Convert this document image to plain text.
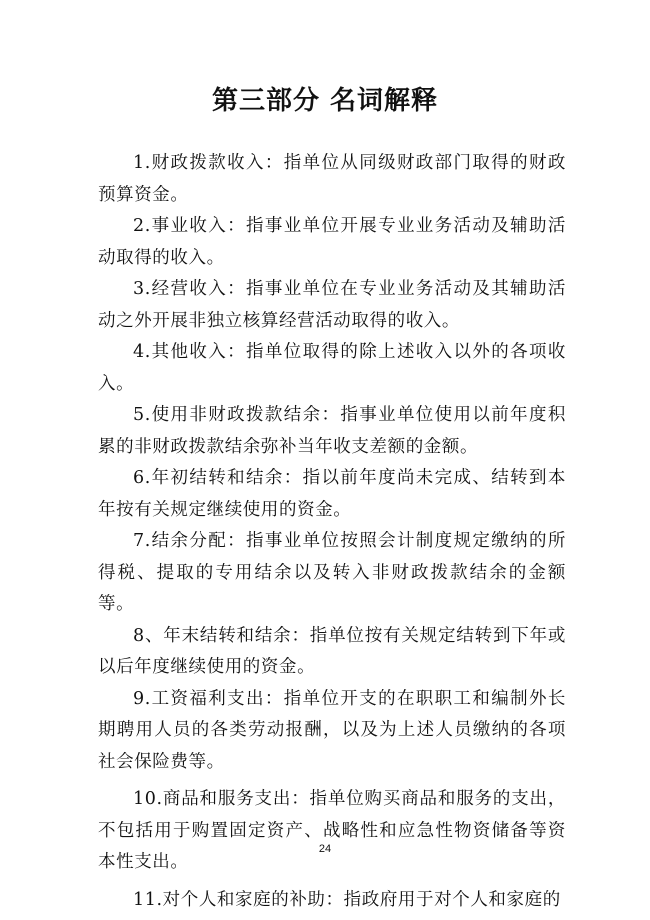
第三部分 名词解释

1.财政拨款收入：指单位从同级财政部门取得的财政预算资金。

2.事业收入：指事业单位开展专业业务活动及辅助活动取得的收入。

3.经营收入：指事业单位在专业业务活动及其辅助活动之外开展非独立核算经营活动取得的收入。

4.其他收入：指单位取得的除上述收入以外的各项收入。

5.使用非财政拨款结余：指事业单位使用以前年度积累的非财政拨款结余弥补当年收支差额的金额。

6.年初结转和结余：指以前年度尚未完成、结转到本年按有关规定继续使用的资金。

7.结余分配：指事业单位按照会计制度规定缴纳的所得税、提取的专用结余以及转入非财政拨款结余的金额等。

8、年末结转和结余：指单位按有关规定结转到下年或以后年度继续使用的资金。

9.工资福利支出：指单位开支的在职职工和编制外长期聘用人员的各类劳动报酬，以及为上述人员缴纳的各项社会保险费等。

10.商品和服务支出：指单位购买商品和服务的支出，不包括用于购置固定资产、战略性和应急性物资储备等资本性支出。

11.对个人和家庭的补助：指政府用于对个人和家庭的

24
